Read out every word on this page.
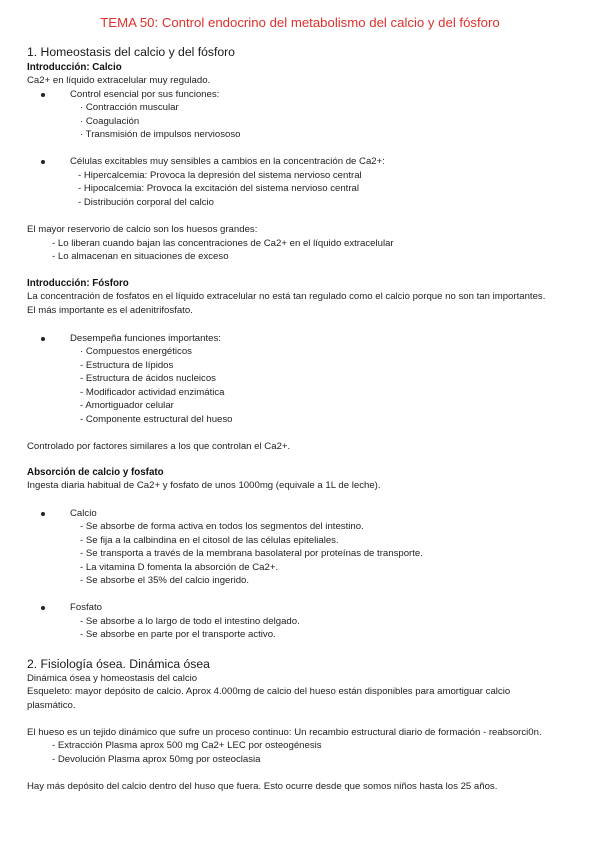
TEMA 50: Control endocrino del metabolismo del calcio y del fósforo
1. Homeostasis del calcio y del fósforo
Introducción: Calcio
Ca2+ en líquido extracelular muy regulado.
Control esencial por sus funciones:
· Contracción muscular
· Coagulación
· Transmisión de impulsos nerviososo
Células excitables muy sensibles a cambios en la concentración de Ca2+:
- Hipercalcemia: Provoca la depresión del sistema nervioso central
- Hipocalcemia: Provoca la excitación del sistema nervioso central
- Distribución corporal del calcio
El mayor reservorio de calcio son los huesos grandes:
- Lo liberan cuando bajan las concentraciones de Ca2+ en el líquido extracelular
- Lo almacenan en situaciones de exceso
Introducción: Fósforo
La concentración de fosfatos en el líquido extracelular no está tan regulado como el calcio porque no son tan importantes.
El más importante es el adenitrifosfato.
Desempeña funciones importantes:
· Compuestos energéticos
- Estructura de lípidos
- Estructura de ácidos nucleicos
- Modificador actividad enzimática
- Amortiguador celular
- Componente estructural del hueso
Controlado por factores similares a los que controlan el Ca2+.
Absorción de calcio y fosfato
Ingesta diaria habitual de Ca2+ y fosfato de unos 1000mg (equivale a 1L de leche).
Calcio
- Se absorbe de forma activa en todos los segmentos del intestino.
- Se fija a la calbindina en el citosol de las células epiteliales.
- Se transporta a través de la membrana basolateral por proteínas de transporte.
- La vitamina D fomenta la absorción de Ca2+.
- Se absorbe el 35% del calcio ingerido.
Fosfato
- Se absorbe a lo largo de todo el intestino delgado.
- Se absorbe en parte por el transporte activo.
2. Fisiología ósea. Dinámica ósea
Dinámica ósea y homeostasis del calcio
Esqueleto: mayor depósito de calcio. Aprox 4.000mg de calcio del hueso están disponibles para amortiguar calcio
plasmático.
El hueso es un tejido dinámico que sufre un proceso continuo: Un recambio estructural diario de formación - reabsorci0n.
- Extracción Plasma aprox 500 mg Ca2+ LEC por osteogénesis
- Devolución Plasma aprox 50mg por osteoclasia
Hay más depósito del calcio dentro del huso que fuera. Esto ocurre desde que somos niños hasta los 25 años.
